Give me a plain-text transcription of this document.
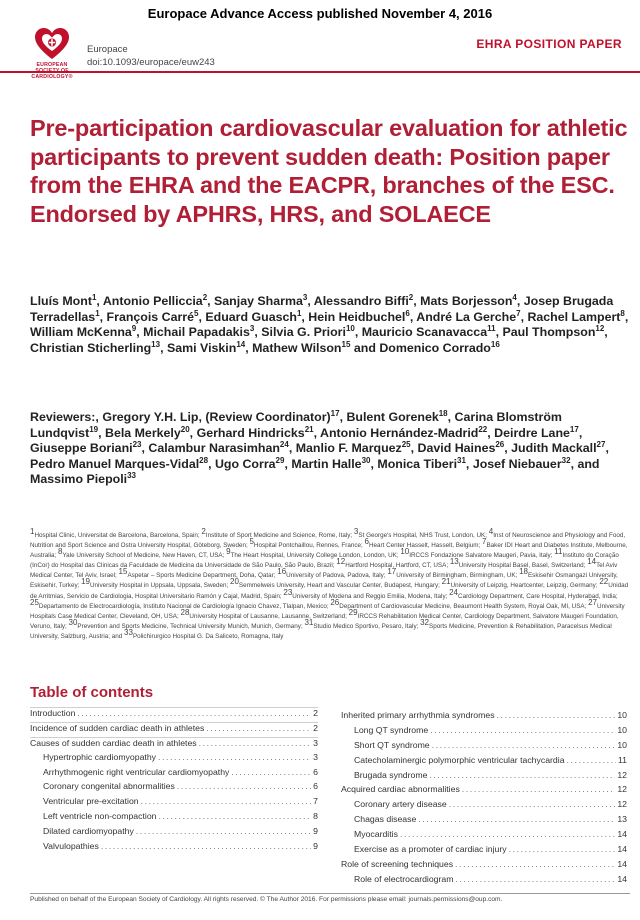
Europace Advance Access published November 4, 2016
EUROPEAN
CARDIOLOGY®
Europace
doi:10.1093/europace/euw243
EHRA POSITION PAPER
Pre-participation cardiovascular evaluation for athletic participants to prevent sudden death: Position paper from the EHRA and the EACPR, branches of the ESC. Endorsed by APHRS, HRS, and SOLAECE
Lluís Mont$^1$, Antonio Pelliccia$^2$, Sanjay Sharma$^3$, Alessandro Biffi$^2$, Mats Borjesson$^4$, Josep Brugada Terradellas$^1$, François Carré$^5$, Eduard Guasch$^1$, Hein Heidbuchel$^6$, André La Gerche$^7$, Rachel Lampert$^8$, William McKenna$^9$, Michail Papadakis$^3$, Silvia G. Priori$^{10}$, Mauricio Scanavacca$^{11}$, Paul Thompson$^{12}$, Christian Sticherling$^{13}$, Sami Viskin$^{14}$, Mathew Wilson$^{15}$ and Domenico Corrado$^{16}$
Reviewers:, Gregory Y.H. Lip, (Review Coordinator)$^{17}$, Bulent Gorenek$^{18}$, Carina Blomström Lundqvist$^{19}$, Bela Merkely$^{20}$, Gerhard Hindricks$^{21}$, Antonio Hernández-Madrid$^{22}$, Deirdre Lane$^{17}$, Giuseppe Boriani$^{23}$, Calambur Narasimhan$^{24}$, Manlio F. Marquez$^{25}$, David Haines$^{26}$, Judith Mackall$^{27}$, Pedro Manuel Marques-Vidal$^{28}$, Ugo Corra$^{29}$, Martin Halle$^{30}$, Monica Tiberi$^{31}$, Josef Niebauer$^{32}$, and Massimo Piepoli$^{33}$
$^1$Hospital Clinic, Universitat de Barcelona, Barcelona, Spain; $^2$Institute of Sport Medicine and Science, Rome, Italy; $^3$St George's Hospital, NHS Trust, London, UK; $^4$Inst of Neuroscience and Physiology and Food, Nutrition and Sport Science and Ostra University Hospital, Göteborg, Sweden; $^5$Hospital Pontchaillou, Rennes, France; $^6$Heart Center Hasselt, Hasselt, Belgium; $^7$Baker IDI Heart and Diabetes Institute, Melbourne, Australia; $^8$Yale University School of Medicine, New Haven, CT, USA; $^9$The Heart Hospital, University College London, London, UK; $^{10}$IRCCS Fondazione Salvatore Maugeri, Pavia, Italy; $^{11}$Instituto do Coração (InCor) do Hospital das Clinicas da Faculdade de Medicina da Universidade de São Paulo, São Paulo, Brazil; $^{12}$Hartford Hospital, Hartford, CT, USA; $^{13}$University Hospital Basel, Basel, Switzerland; $^{14}$Tel Aviv Medical Center, Tel Aviv, Israel; $^{15}$Aspetar – Sports Medicine Department, Doha, Qatar; $^{16}$University of Padova, Padova, Italy; $^{17}$University of Birmingham, Birmingham, UK; $^{18}$Eskisehir Osmangazi University, Eskisehir, Turkey; $^{19}$University Hospital in Uppsala, Uppsala, Sweden; $^{20}$Semmelweis University, Heart and Vascular Center, Budapest, Hungary; $^{21}$University of Leipzig, Heartcenter, Leipzig, Germany; $^{22}$Unidad de Arritmias, Servicio de Cardiologia, Hospital Universitario Ramón y Cajal, Madrid, Spain; $^{23}$University of Modena and Reggio Emilia, Modena, Italy; $^{24}$Cardiology Department, Care Hospital, Hyderabad, India; $^{25}$Departamento de Electrocardiología, Instituto Nacional de Cardiología Ignacio Chavez, Tlalpan, Mexico; $^{26}$Department of Cardiovascular Medicine, Beaumont Health System, Royal Oak, MI, USA; $^{27}$University Hospitals Case Medical Center, Cleveland, OH, USA; $^{28}$University Hospital of Lausanne, Lausanne, Switzerland; $^{29}$IRCCS Rehabilitation Medical Center, Cardiology Department, Salvatore Maugeri Foundation, Veruno, Italy; $^{30}$Prevention and Sports Medicine, Technical University Munich, Munich, Germany; $^{31}$Studio Medico Sportivo, Pesaro, Italy; $^{32}$Sports Medicine, Prevention & Rehabilitation, Paracelsus Medical University, Salzburg, Austria; and $^{33}$Polichirurgico Hospital G. Da Saliceto, Romagna, Italy
Table of contents
Introduction .....	2
Incidence of sudden cardiac death in athletes .....	2
Causes of sudden cardiac death in athletes .....	3
Hypertrophic cardiomyopathy .....	3
Arrhythmogenic right ventricular cardiomyopathy .....	6
Coronary congenital abnormalities .....	6
Ventricular pre-excitation .....	7
Left ventricle non-compaction .....	8
Dilated cardiomyopathy .....	9
Valvulopathies .....	9
Inherited primary arrhythmia syndromes .....	10
Long QT syndrome .....	10
Short QT syndrome .....	10
Catecholaminergic polymorphic ventricular tachycardia .....	11
Brugada syndrome .....	12
Acquired cardiac abnormalities .....	12
Coronary artery disease .....	12
Chagas disease .....	13
Myocarditis .....	14
Exercise as a promoter of cardiac injury .....	14
Role of screening techniques .....	14
Role of electrocardiogram .....	14
Published on behalf of the European Society of Cardiology. All rights reserved. © The Author 2016. For permissions please email: journals.permissions@oup.com.
